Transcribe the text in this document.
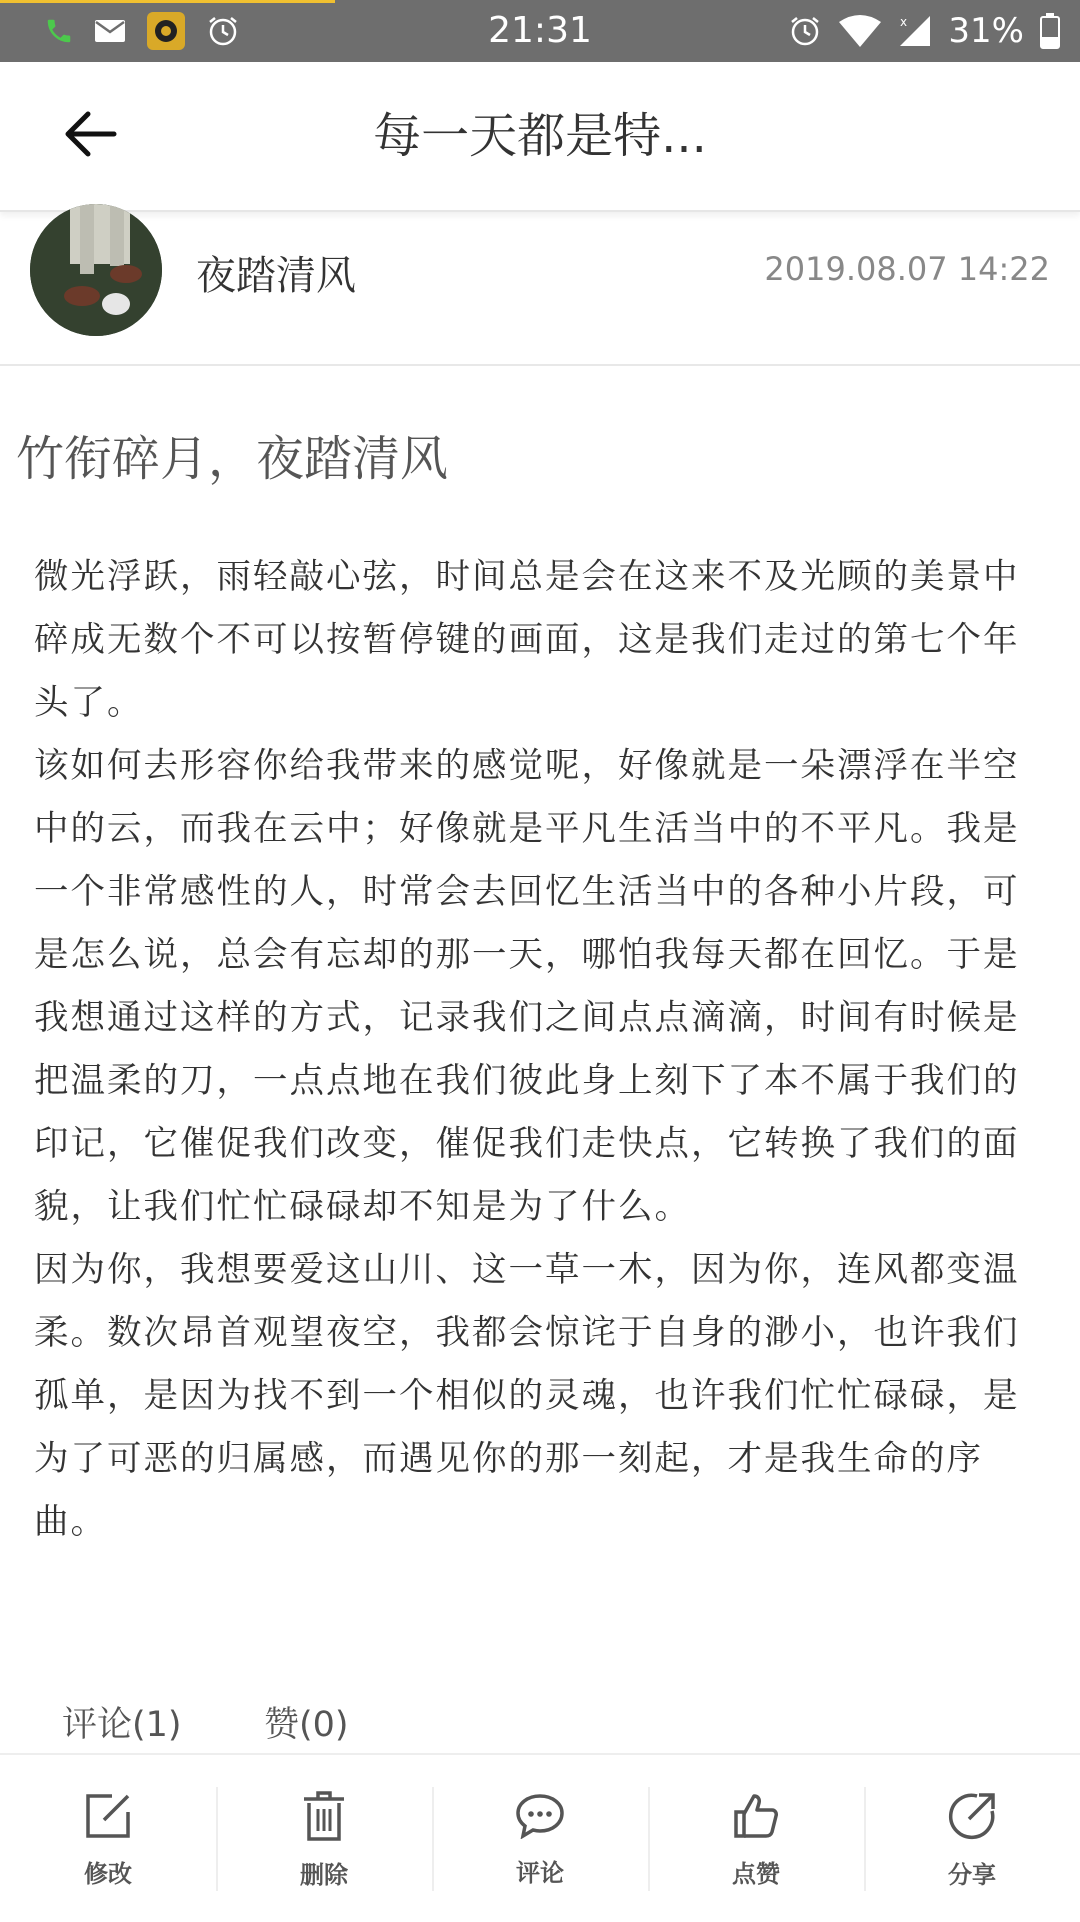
21:31	x 31%
每一天都是特...
夜踏清风	2019.08.07 14:22
竹衔碎月，夜踏清风

微光浮跃，雨轻敲心弦，时间总是会在这来不及光顾的美景中碎成无数个不可以按暂停键的画面，这是我们走过的第七个年头了。

该如何去形容你给我带来的感觉呢，好像就是一朵漂浮在半空中的云，而我在云中；好像就是平凡生活当中的不平凡。我是一个非常感性的人，时常会去回忆生活当中的各种小片段，可是怎么说，总会有忘却的那一天，哪怕我每天都在回忆。于是我想通过这样的方式，记录我们之间点点滴滴，时间有时候是把温柔的刀，一点点地在我们彼此身上刻下了本不属于我们的印记，它催促我们改变，催促我们走快点，它转换了我们的面貌，让我们忙忙碌碌却不知是为了什么。

因为你，我想要爱这山川、这一草一木，因为你，连风都变温柔。数次昂首观望夜空，我都会惊诧于自身的渺小，也许我们孤单，是因为找不到一个相似的灵魂，也许我们忙忙碌碌，是为了可恶的归属感，而遇见你的那一刻起，才是我生命的序曲。

评论(1) 赞(0)
修改	删除	评论	点赞	分享
